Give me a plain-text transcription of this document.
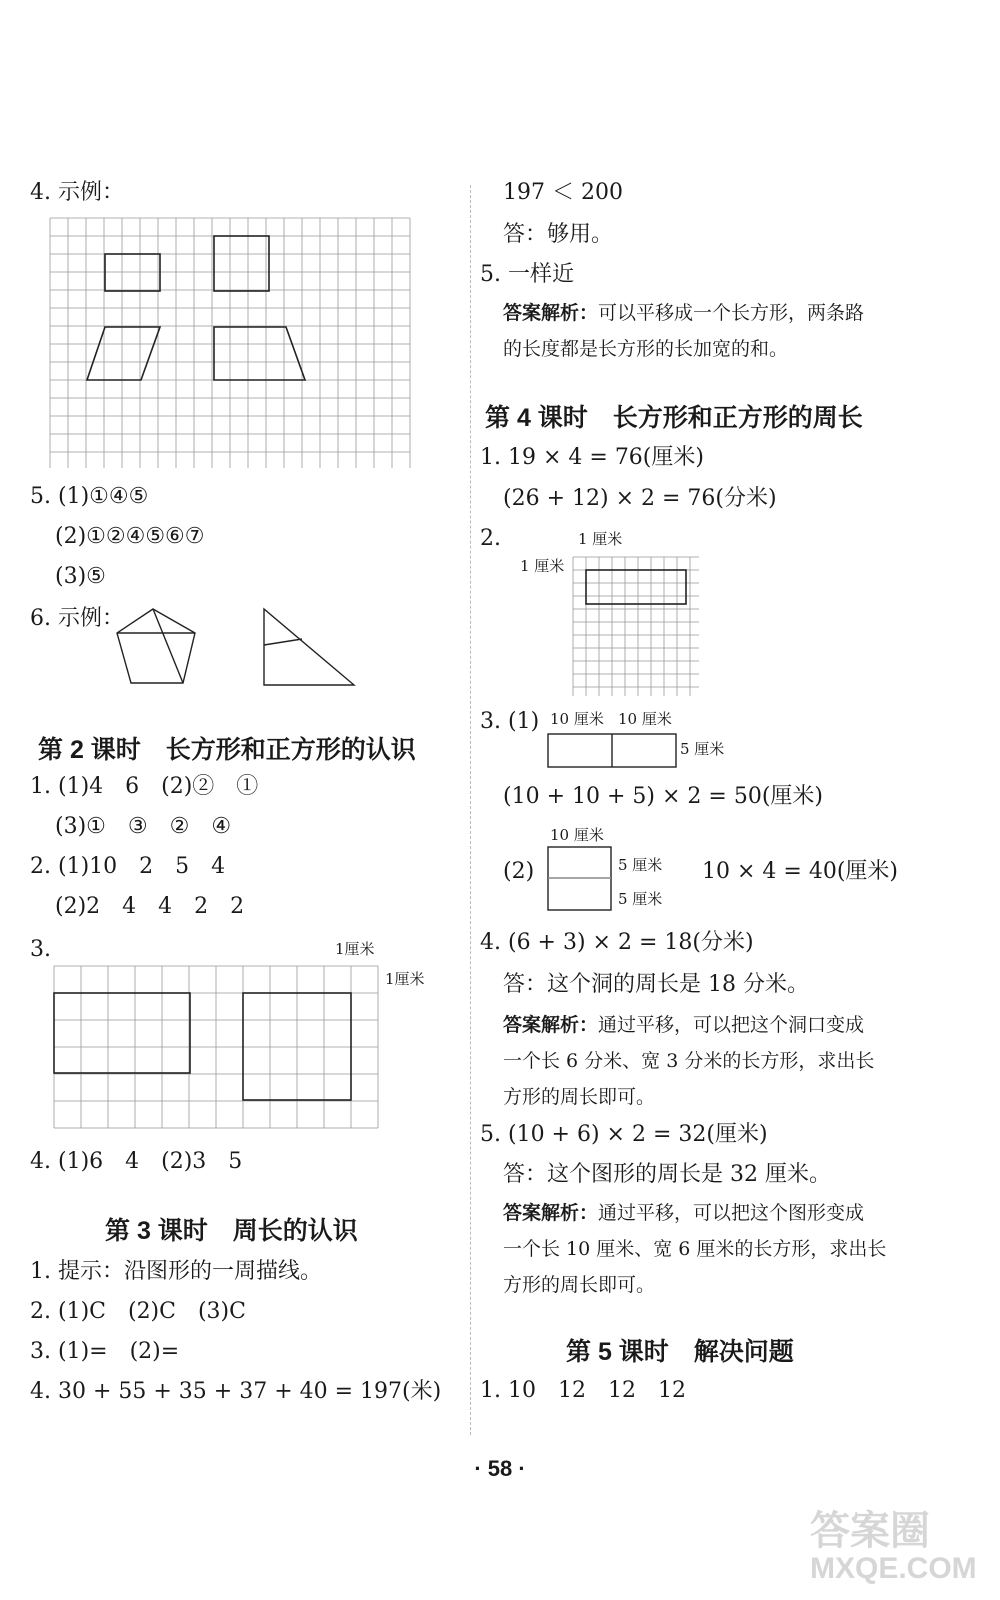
4. 示例：
5. (1)①④⑤
(2)①②④⑤⑥⑦
(3)⑤
6. 示例：
第 2 课时　长方形和正方形的认识
1. (1)4　6　(2)②　①
(3)①　③　②　④
2. (1)10　2　5　4
(2)2　4　4　2　2
3.	1厘米
1厘米
4. (1)6　4　(2)3　5
第 3 课时　周长的认识
1. 提示：沿图形的一周描线。
2. (1)C　(2)C　(3)C
3. (1)=　(2)=
4. 30 + 55 + 35 + 37 + 40 = 197(米)
197 ＜ 200
答：够用。
5. 一样近
答案解析：可以平移成一个长方形，两条路
的长度都是长方形的长加宽的和。
第 4 课时　长方形和正方形的周长
1. 19 × 4 = 76(厘米)
(26 + 12) × 2 = 76(分米)
2.	1 厘米
1 厘米
3. (1) 10 厘米 10 厘米
5 厘米
(10 + 10 + 5) × 2 = 50(厘米)
10 厘米
(2)	5 厘米
5 厘米
10 × 4 = 40(厘米)
4. (6 + 3) × 2 = 18(分米)
答：这个洞的周长是 18 分米。
答案解析：通过平移，可以把这个洞口变成
一个长 6 分米、宽 3 分米的长方形，求出长
方形的周长即可。
5. (10 + 6) × 2 = 32(厘米)
答：这个图形的周长是 32 厘米。
答案解析：通过平移，可以把这个图形变成
一个长 10 厘米、宽 6 厘米的长方形，求出长
方形的周长即可。
第 5 课时　解决问题
1. 10　12　12　12
· 58 ·
答案圈
MXQE.COM
